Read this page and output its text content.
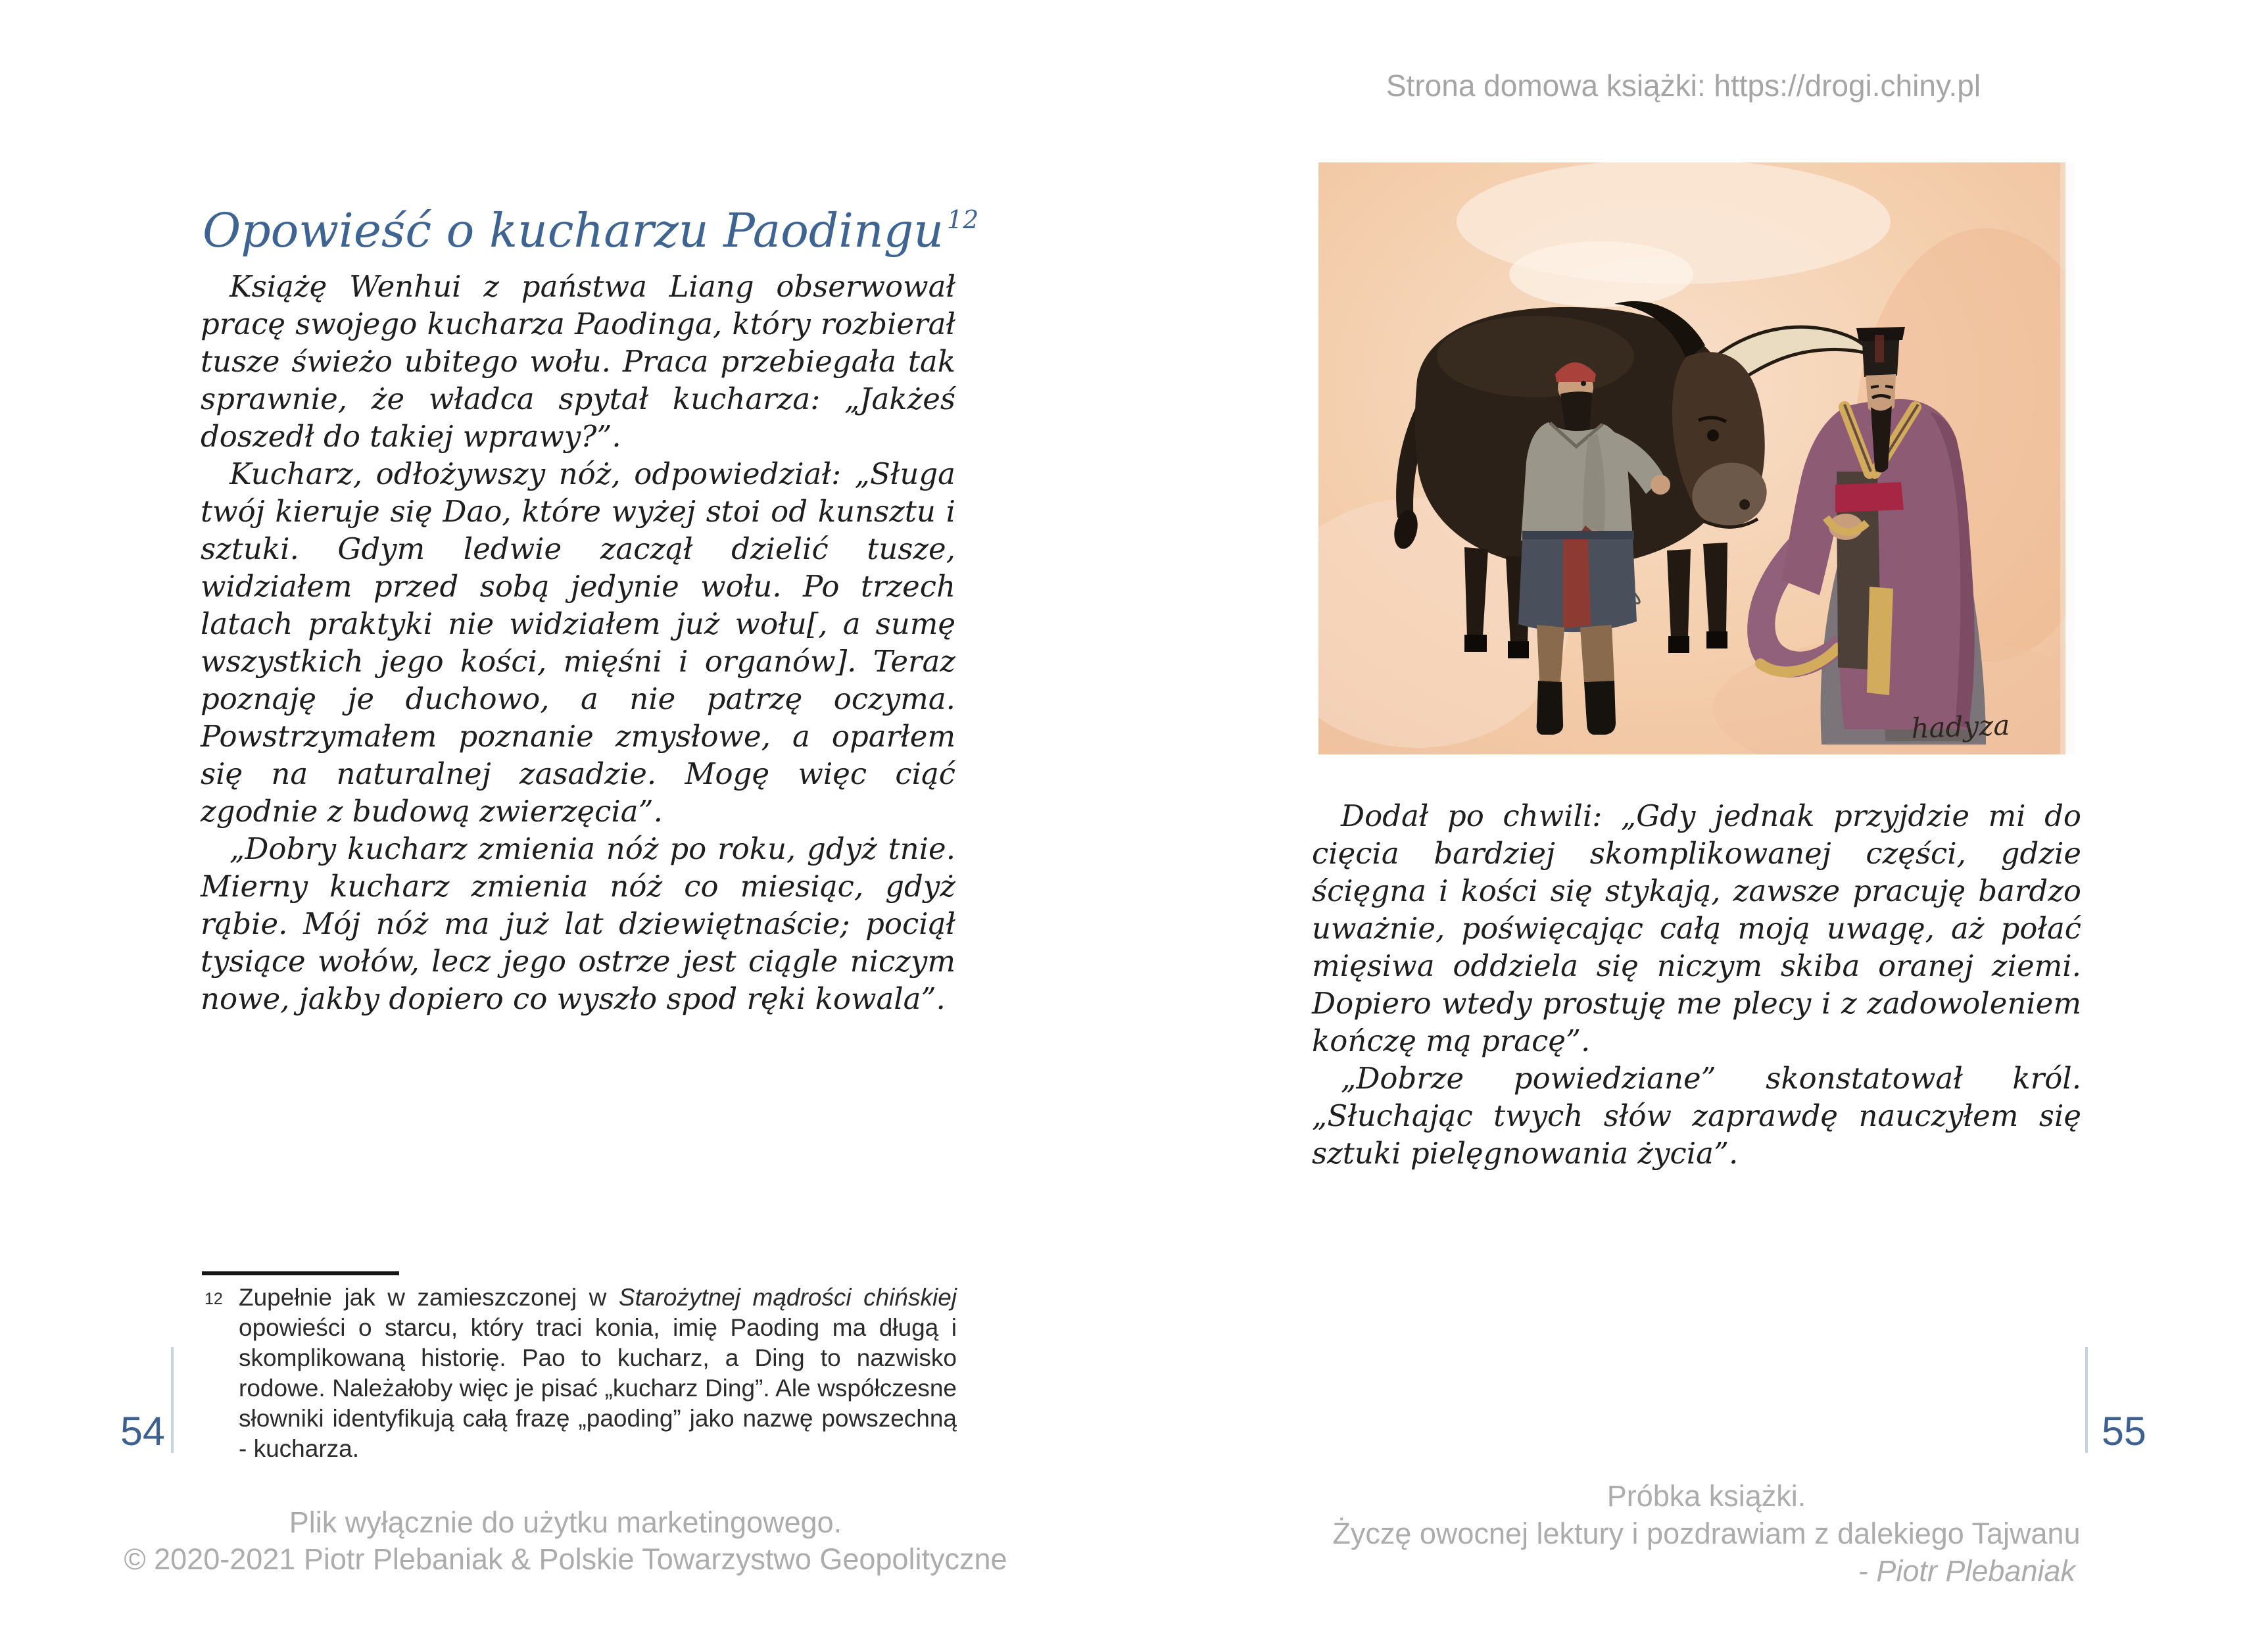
Opowieść o kucharzu Paodingu $^{12}$

Książę Wenhui z państwa Liang obserwował pracę swojego kucharza Paodinga, który rozbierał tusze świeżo ubitego wołu. Praca przebiegała tak sprawnie, że władca spytał kucharza: „Jakżeś doszedł do takiej wprawy?”.

Kucharz, odłożywszy nóż, odpowiedział: „Sługa twój kieruje się Dao, które wyżej stoi od kunsztu i sztuki. Gdym ledwie zaczął dzielić tusze, widziałem przed sobą jedynie wołu. Po trzech latach praktyki nie widziałem już wołu[, a sumę wszystkich jego kości, mięśni i organów]. Teraz poznaję je duchowo, a nie patrzę oczyma. Powstrzymałem poznanie zmysłowe, a oparłem się na naturalnej zasadzie. Mogę więc ciąć zgodnie z budową zwierzęcia”.

„Dobry kucharz zmienia nóż po roku, gdyż tnie. Mierny kucharz zmienia nóż co miesiąc, gdyż rąbie. Mój nóż ma już lat dziewiętnaście; pociął tysiące wołów, lecz jego ostrze jest ciągle niczym nowe, jakby dopiero co wyszło spod ręki kowala”.

12 Zupełnie jak w zamieszczonej w Starożytnej mądrości chińskiej opowieści o starcu, który traci konia, imię Paoding ma długą i skomplikowaną historię. Pao to kucharz, a Ding to nazwisko rodowe. Należałoby więc je pisać „kucharz Ding”. Ale współczesne słowniki identyfikują całą frazę „paoding” jako nazwę powszechną - kucharza.
54
Plik wyłącznie do użytku marketingowego.
© 2020-2021 Piotr Plebaniak & Polskie Towarzystwo Geopolityczne
Strona domowa książki: https://drogi.chiny.pl
hadyza

Dodał po chwili: „Gdy jednak przyjdzie mi do cięcia bardziej skomplikowanej części, gdzie ścięgna i kości się stykają, zawsze pracuję bardzo uważnie, poświęcając całą moją uwagę, aż połać mięsiwa oddziela się niczym skiba oranej ziemi. Dopiero wtedy prostuję me plecy i z zadowoleniem kończę mą pracę”.

„Dobrze powiedziane” skonstatował król. „Słuchając twych słów zaprawdę nauczyłem się sztuki pielęgnowania życia”.

55
Próbka książki.
Życzę owocnej lektury i pozdrawiam z dalekiego Tajwanu
- Piotr Plebaniak
